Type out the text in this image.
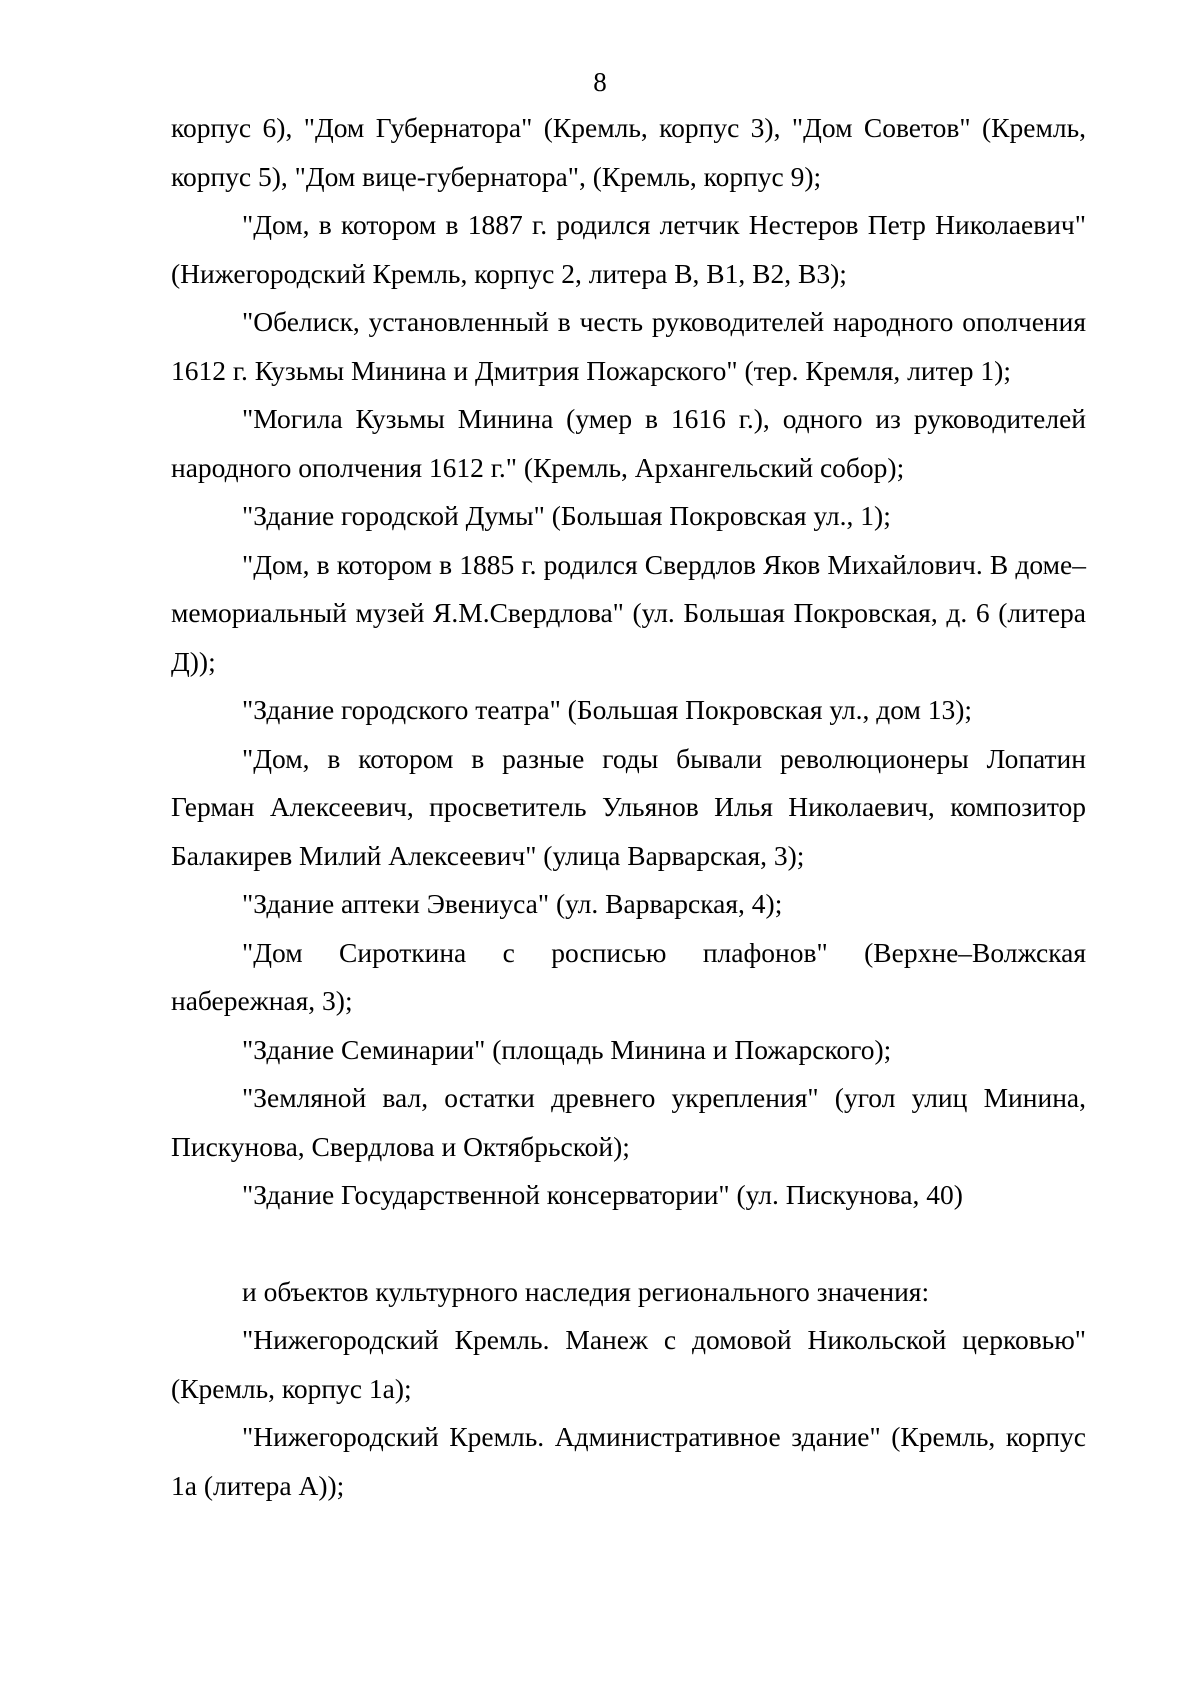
8

корпус 6), "Дом Губернатора" (Кремль, корпус 3), "Дом Советов" (Кремль, корпус 5), "Дом вице-губернатора", (Кремль, корпус 9);

"Дом, в котором в 1887 г. родился летчик Нестеров Петр Николаевич" (Нижегородский Кремль, корпус 2, литера В, В1, В2, В3);

"Обелиск, установленный в честь руководителей народного ополчения 1612 г. Кузьмы Минина и Дмитрия Пожарского" (тер. Кремля, литер 1);

"Могила Кузьмы Минина (умер в 1616 г.), одного из руководителей народного ополчения 1612 г." (Кремль, Архангельский собор);

"Здание городской Думы" (Большая Покровская ул., 1);

"Дом, в котором в 1885 г. родился Свердлов Яков Михайлович. В доме–мемориальный музей Я.М.Свердлова" (ул. Большая Покровская, д. 6 (литера Д));

"Здание городского театра" (Большая Покровская ул., дом 13);

"Дом, в котором в разные годы бывали революционеры Лопатин Герман Алексеевич, просветитель Ульянов Илья Николаевич, композитор Балакирев Милий Алексеевич" (улица Варварская, 3);

"Здание аптеки Эвениуса" (ул. Варварская, 4);

"Дом Сироткина с росписью плафонов" (Верхне–Волжская набережная, 3);

"Здание Семинарии" (площадь Минина и Пожарского);

"Земляной вал, остатки древнего укрепления" (угол улиц Минина, Пискунова, Свердлова и Октябрьской);

"Здание Государственной консерватории" (ул. Пискунова, 40)

и объектов культурного наследия регионального значения:

"Нижегородский Кремль. Манеж с домовой Никольской церковью" (Кремль, корпус 1а);

"Нижегородский Кремль. Административное здание" (Кремль, корпус 1а (литера А));
